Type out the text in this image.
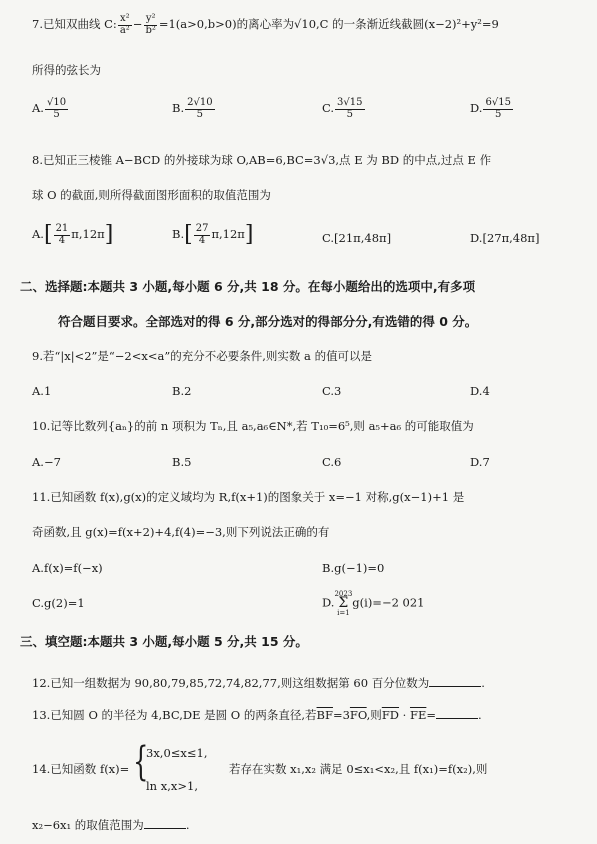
7.已知双曲线 C: $\frac{\text{x²}}{\text{a²}} - \frac{\text{y²}}{\text{b²}} =1(a>0,b>0)$的离心率为√10,C 的一条渐近线截圆(x−2)²+y²=9
所得的弦长为
A. $\frac{√10}{5}$	B. $\frac{2√10}{5}$	C. $\frac{3√15}{5}$	D. $\frac{6√15}{5}$
8.已知正三棱锥 A−BCD 的外接球为球 O,AB=6,BC=3√3,点 E 为 BD 的中点,过点 E 作
球 O 的截面,则所得截面图形面积的取值范围为
$A.[ \frac{21}{4} \pi,12\pi]$	$B.[ \frac{27}{4} \pi,12\pi]$	C.[21π,48π]	D.[27π,48π]
二、选择题:本题共 3 小题,每小题 6 分,共 18 分。在每小题给出的选项中,有多项
符合题目要求。全部选对的得 6 分,部分选对的得部分分,有选错的得 0 分。
9.若“|x|<2”是“−2<x<a”的充分不必要条件,则实数 a 的值可以是
A.1	B.2	C.3	D.4
10.记等比数列{aₙ}的前 n 项积为 Tₙ,且 a₅,a₆∈N*,若 T₁₀=6⁵,则 a₅+a₆ 的可能取值为
A.−7	B.5	C.6	D.7
11.已知函数 f(x),g(x)的定义域均为 R,f(x+1)的图象关于 x=−1 对称,g(x−1)+1 是
奇函数,且 g(x)=f(x+2)+4,f(4)=−3,则下列说法正确的有
A.f(x)=f(−x)	B.g(−1)=0
C.g(2)=1	D.
2023
Σ
i=1
g(i)=−2 021
三、填空题:本题共 3 小题,每小题 5 分,共 15 分。
12.已知一组数据为 90,80,79,85,72,74,82,77,则这组数据第 60 百分位数为	.
13.已知圆 O 的半径为 4,BC,DE 是圆 O 的两条直径,若$\overline{BF}=3\overline{FO}$,则$\overline{FD} \cdot \overline{FE}=$	.
14.已知函数 f(x)= {
3x,0≤x≤1,
ln x,x>1,
若存在实数 x₁,x₂ 满足 0≤x₁<x₂,且 f(x₁)=f(x₂),则
x₂−6x₁ 的取值范围为	.
